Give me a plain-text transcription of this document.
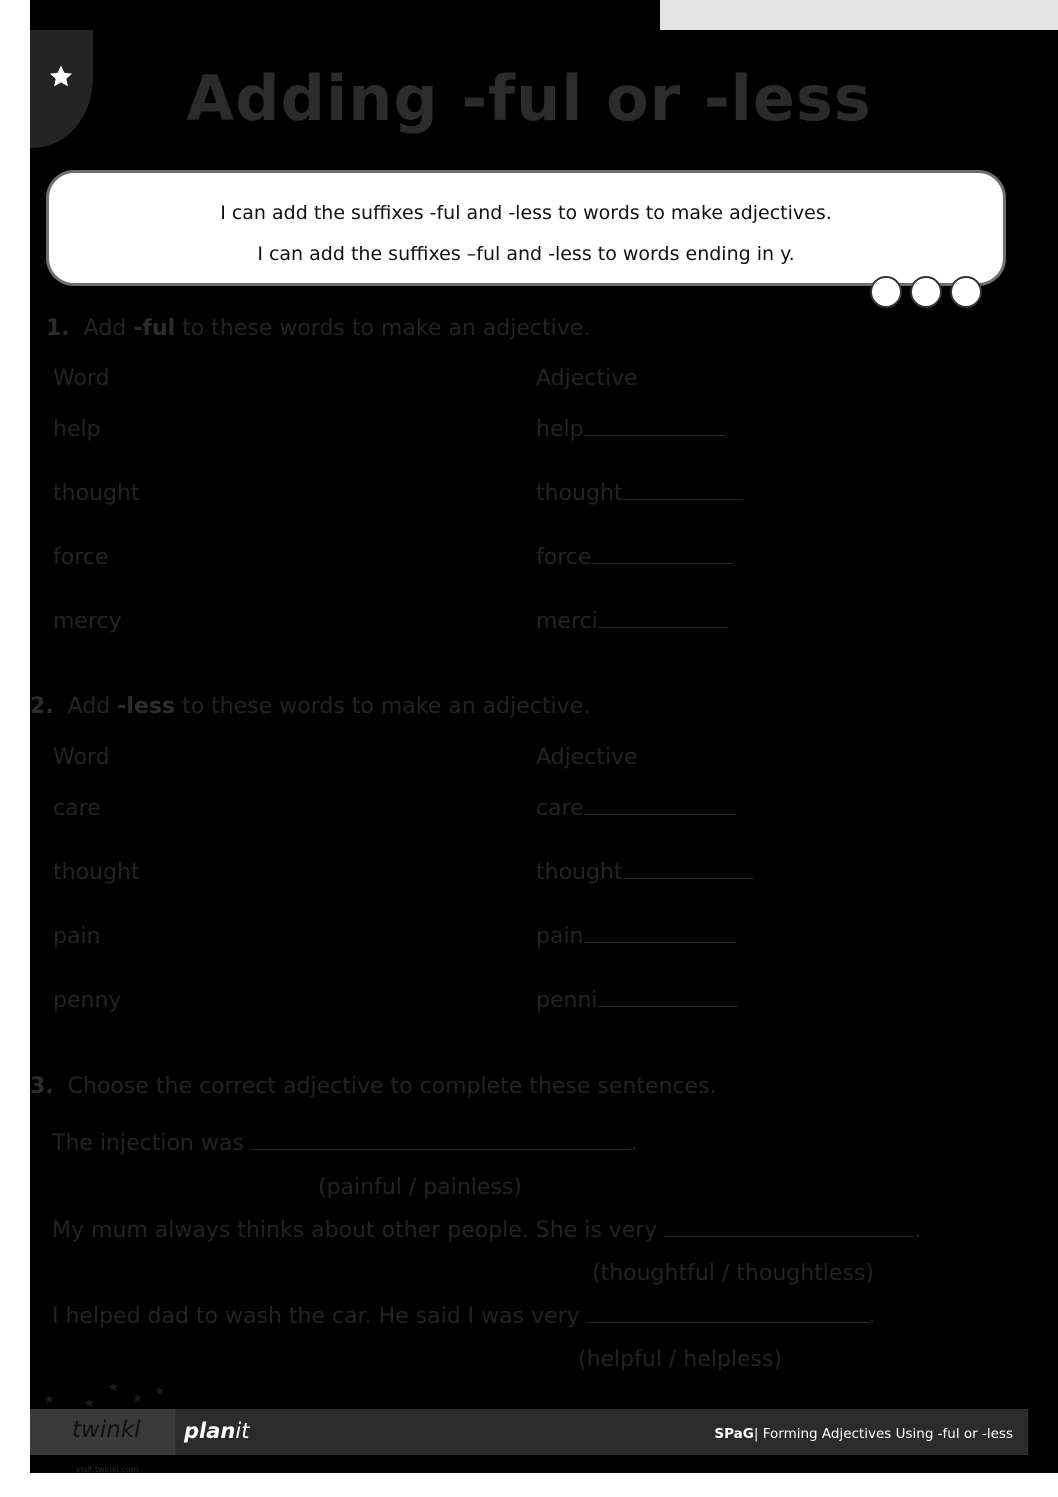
Adding -ful or -less
I can add the suffixes -ful and -less to words to make adjectives.
I can add the suffixes –ful and -less to words ending in y.
1. Add -ful to these words to make an adjective.
Word	Adjective
help	help
thought	thought
force	force
mercy	merci
2. Add -less to these words to make an adjective.
Word	Adjective
care	care
thought	thought
pain	pain
penny	penni
3. Choose the correct adjective to complete these sentences.
The injection was	.
(painful / painless)
My mum always thinks about other people. She is very	.
(thoughtful / thoughtless)
I helped dad to wash the car. He said I was very	.
(helpful / helpless)
★ ★
★
★ ★
twinkl
visit twinkl.com
planit	SPaG| Forming Adjectives Using -ful or -less
